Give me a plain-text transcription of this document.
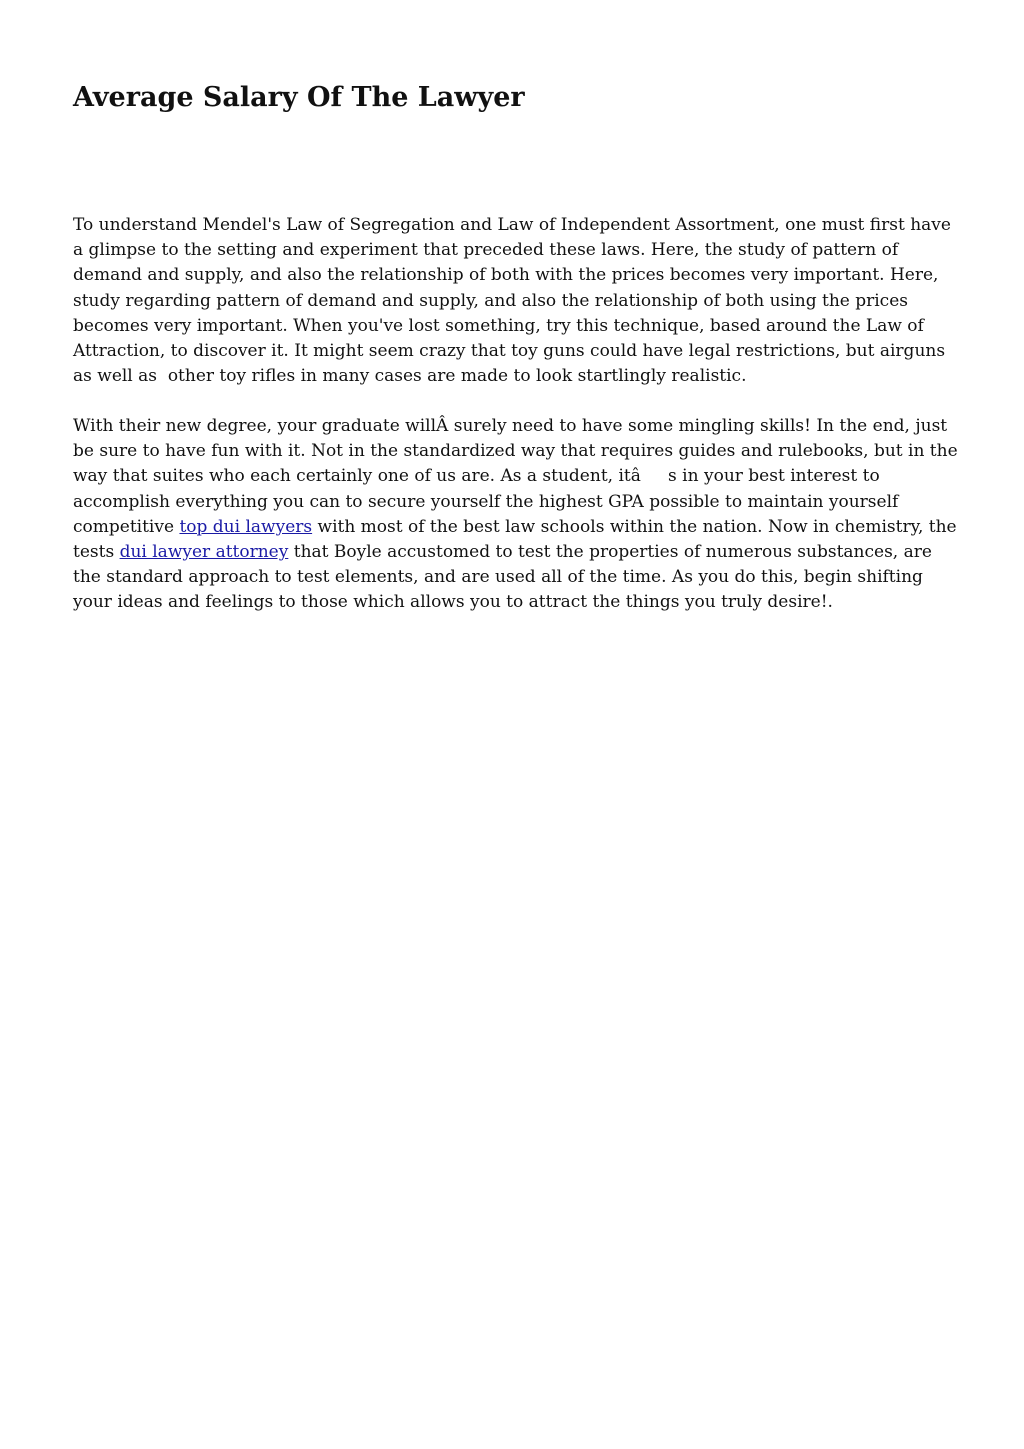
Average Salary Of The Lawyer

To understand Mendel's Law of Segregation and Law of Independent Assortment, one must first have a glimpse to the setting and experiment that preceded these laws. Here, the study of pattern of demand and supply, and also the relationship of both with the prices becomes very important. Here, study regarding pattern of demand and supply, and also the relationship of both using the prices becomes very important. When you've lost something, try this technique, based around the Law of Attraction, to discover it. It might seem crazy that toy guns could have legal restrictions, but airguns as well as  other toy rifles in many cases are made to look startlingly realistic.

With their new degree, your graduate willÂ surely need to have some mingling skills! In the end, just be sure to have fun with it. Not in the standardized way that requires guides and rulebooks, but in the way that suites who each certainly one of us are. As a student, itâs in your best interest to accomplish everything you can to secure yourself the highest GPA possible to maintain yourself competitive top dui lawyers with most of the best law schools within the nation. Now in chemistry, the tests dui lawyer attorney that Boyle accustomed to test the properties of numerous substances, are the standard approach to test elements, and are used all of the time. As you do this, begin shifting your ideas and feelings to those which allows you to attract the things you truly desire!.
